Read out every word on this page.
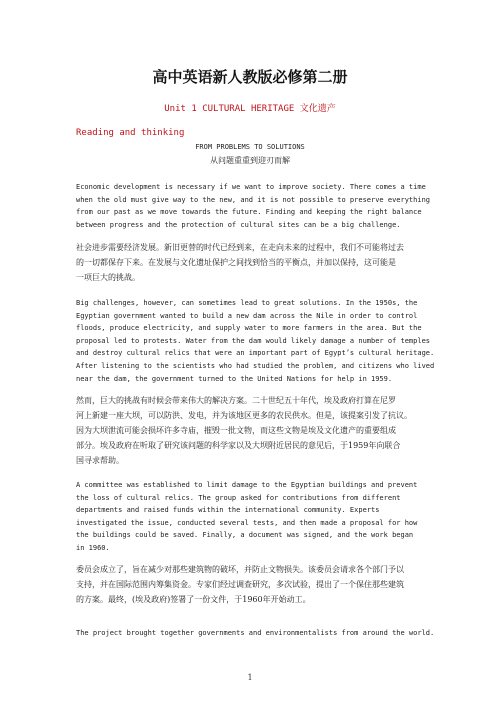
高中英语新人教版必修第二册
Unit 1 CULTURAL HERITAGE 文化遗产
Reading and thinking
FROM PROBLEMS TO SOLUTIONS
从问题重重到迎刃而解
Economic development is necessary if we want to improve society. There comes a time
when the old must give way to the new, and it is not possible to preserve everything
from our past as we move towards the future. Finding and keeping the right balance
between progress and the protection of cultural sites can be a big challenge.
社会进步需要经济发展。新旧更替的时代已经到来，在走向未来的过程中，我们不可能将过去
的一切都保存下来。在发展与文化遗址保护之间找到恰当的平衡点，并加以保持，这可能是
一项巨大的挑战。
Big challenges, however, can sometimes lead to great solutions. In the 1950s, the
Egyptian government wanted to build a new dam across the Nile in order to control
floods, produce electricity, and supply water to more farmers in the area. But the
proposal led to protests. Water from the dam would likely damage a number of temples
and destroy cultural relics that were an important part of Egypt’s cultural heritage.
After listening to the scientists who had studied the problem, and citizens who lived
near the dam, the government turned to the United Nations for help in 1959.
然而，巨大的挑战有时候会带来伟大的解决方案。二十世纪五十年代，埃及政府打算在尼罗
河上新建一座大坝，可以防洪、发电，并为该地区更多的农民供水。但是，该提案引发了抗议。
因为大坝泄流可能会损坏许多寺庙，摧毁一批文物，而这些文物是埃及文化遗产的重要组成
部分。埃及政府在听取了研究该问题的科学家以及大坝附近居民的意见后，于1959年向联合
国寻求帮助。
A committee was established to limit damage to the Egyptian buildings and prevent
the loss of cultural relics. The group asked for contributions from different
departments and raised funds within the international community. Experts
investigated the issue, conducted several tests, and then made a proposal for how
the buildings could be saved. Finally, a document was signed, and the work began
in 1960.
委员会成立了，旨在减少对那些建筑物的破坏，并防止文物损失。该委员会请求各个部门予以
支持，并在国际范围内筹集资金。专家们经过调查研究，多次试验，提出了一个保住那些建筑
的方案。最终，(埃及政府)签署了一份文件，于1960年开始动工。
The project brought together governments and environmentalists from around the world.
1
